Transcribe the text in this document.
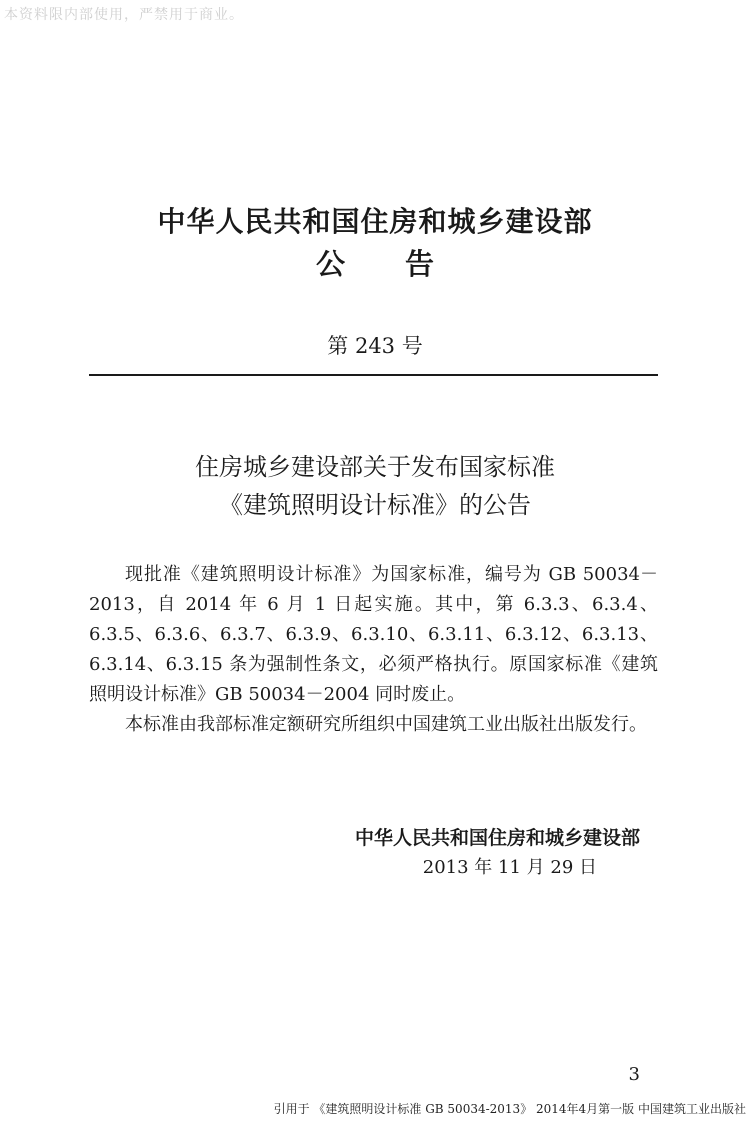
本资料限内部使用，严禁用于商业。
中华人民共和国住房和城乡建设部
公告
第 243 号
住房城乡建设部关于发布国家标准
《建筑照明设计标准》的公告

现批准《建筑照明设计标准》为国家标准，编号为 GB 50034－2013，自 2014 年 6 月 1 日起实施。其中，第 6.3.3、6.3.4、6.3.5、6.3.6、6.3.7、6.3.9、6.3.10、6.3.11、6.3.12、6.3.13、6.3.14、6.3.15 条为强制性条文，必须严格执行。原国家标准《建筑照明设计标准》GB 50034－2004 同时废止。

本标准由我部标准定额研究所组织中国建筑工业出版社出版发行。

中华人民共和国住房和城乡建设部
2013 年 11 月 29 日
3
引用于 《建筑照明设计标准 GB 50034-2013》 2014年4月第一版 中国建筑工业出版社
